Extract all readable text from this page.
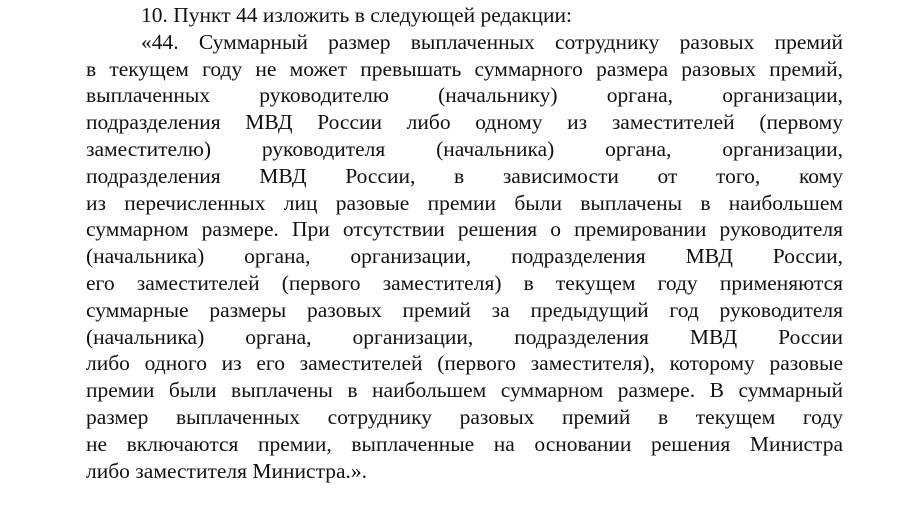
10. Пункт 44 изложить в следующей редакции:
«44. Суммарный размер выплаченных сотруднику разовых премий
в текущем году не может превышать суммарного размера разовых премий,
выплаченных руководителю (начальнику) органа, организации,
подразделения МВД России либо одному из заместителей (первому
заместителю) руководителя (начальника) органа, организации,
подразделения МВД России, в зависимости от того, кому
из перечисленных лиц разовые премии были выплачены в наибольшем
суммарном размере. При отсутствии решения о премировании руководителя
(начальника) органа, организации, подразделения МВД России,
его заместителей (первого заместителя) в текущем году применяются
суммарные размеры разовых премий за предыдущий год руководителя
(начальника) органа, организации, подразделения МВД России
либо одного из его заместителей (первого заместителя), которому разовые
премии были выплачены в наибольшем суммарном размере. В суммарный
размер выплаченных сотруднику разовых премий в текущем году
не включаются премии, выплаченные на основании решения Министра
либо заместителя Министра.».
